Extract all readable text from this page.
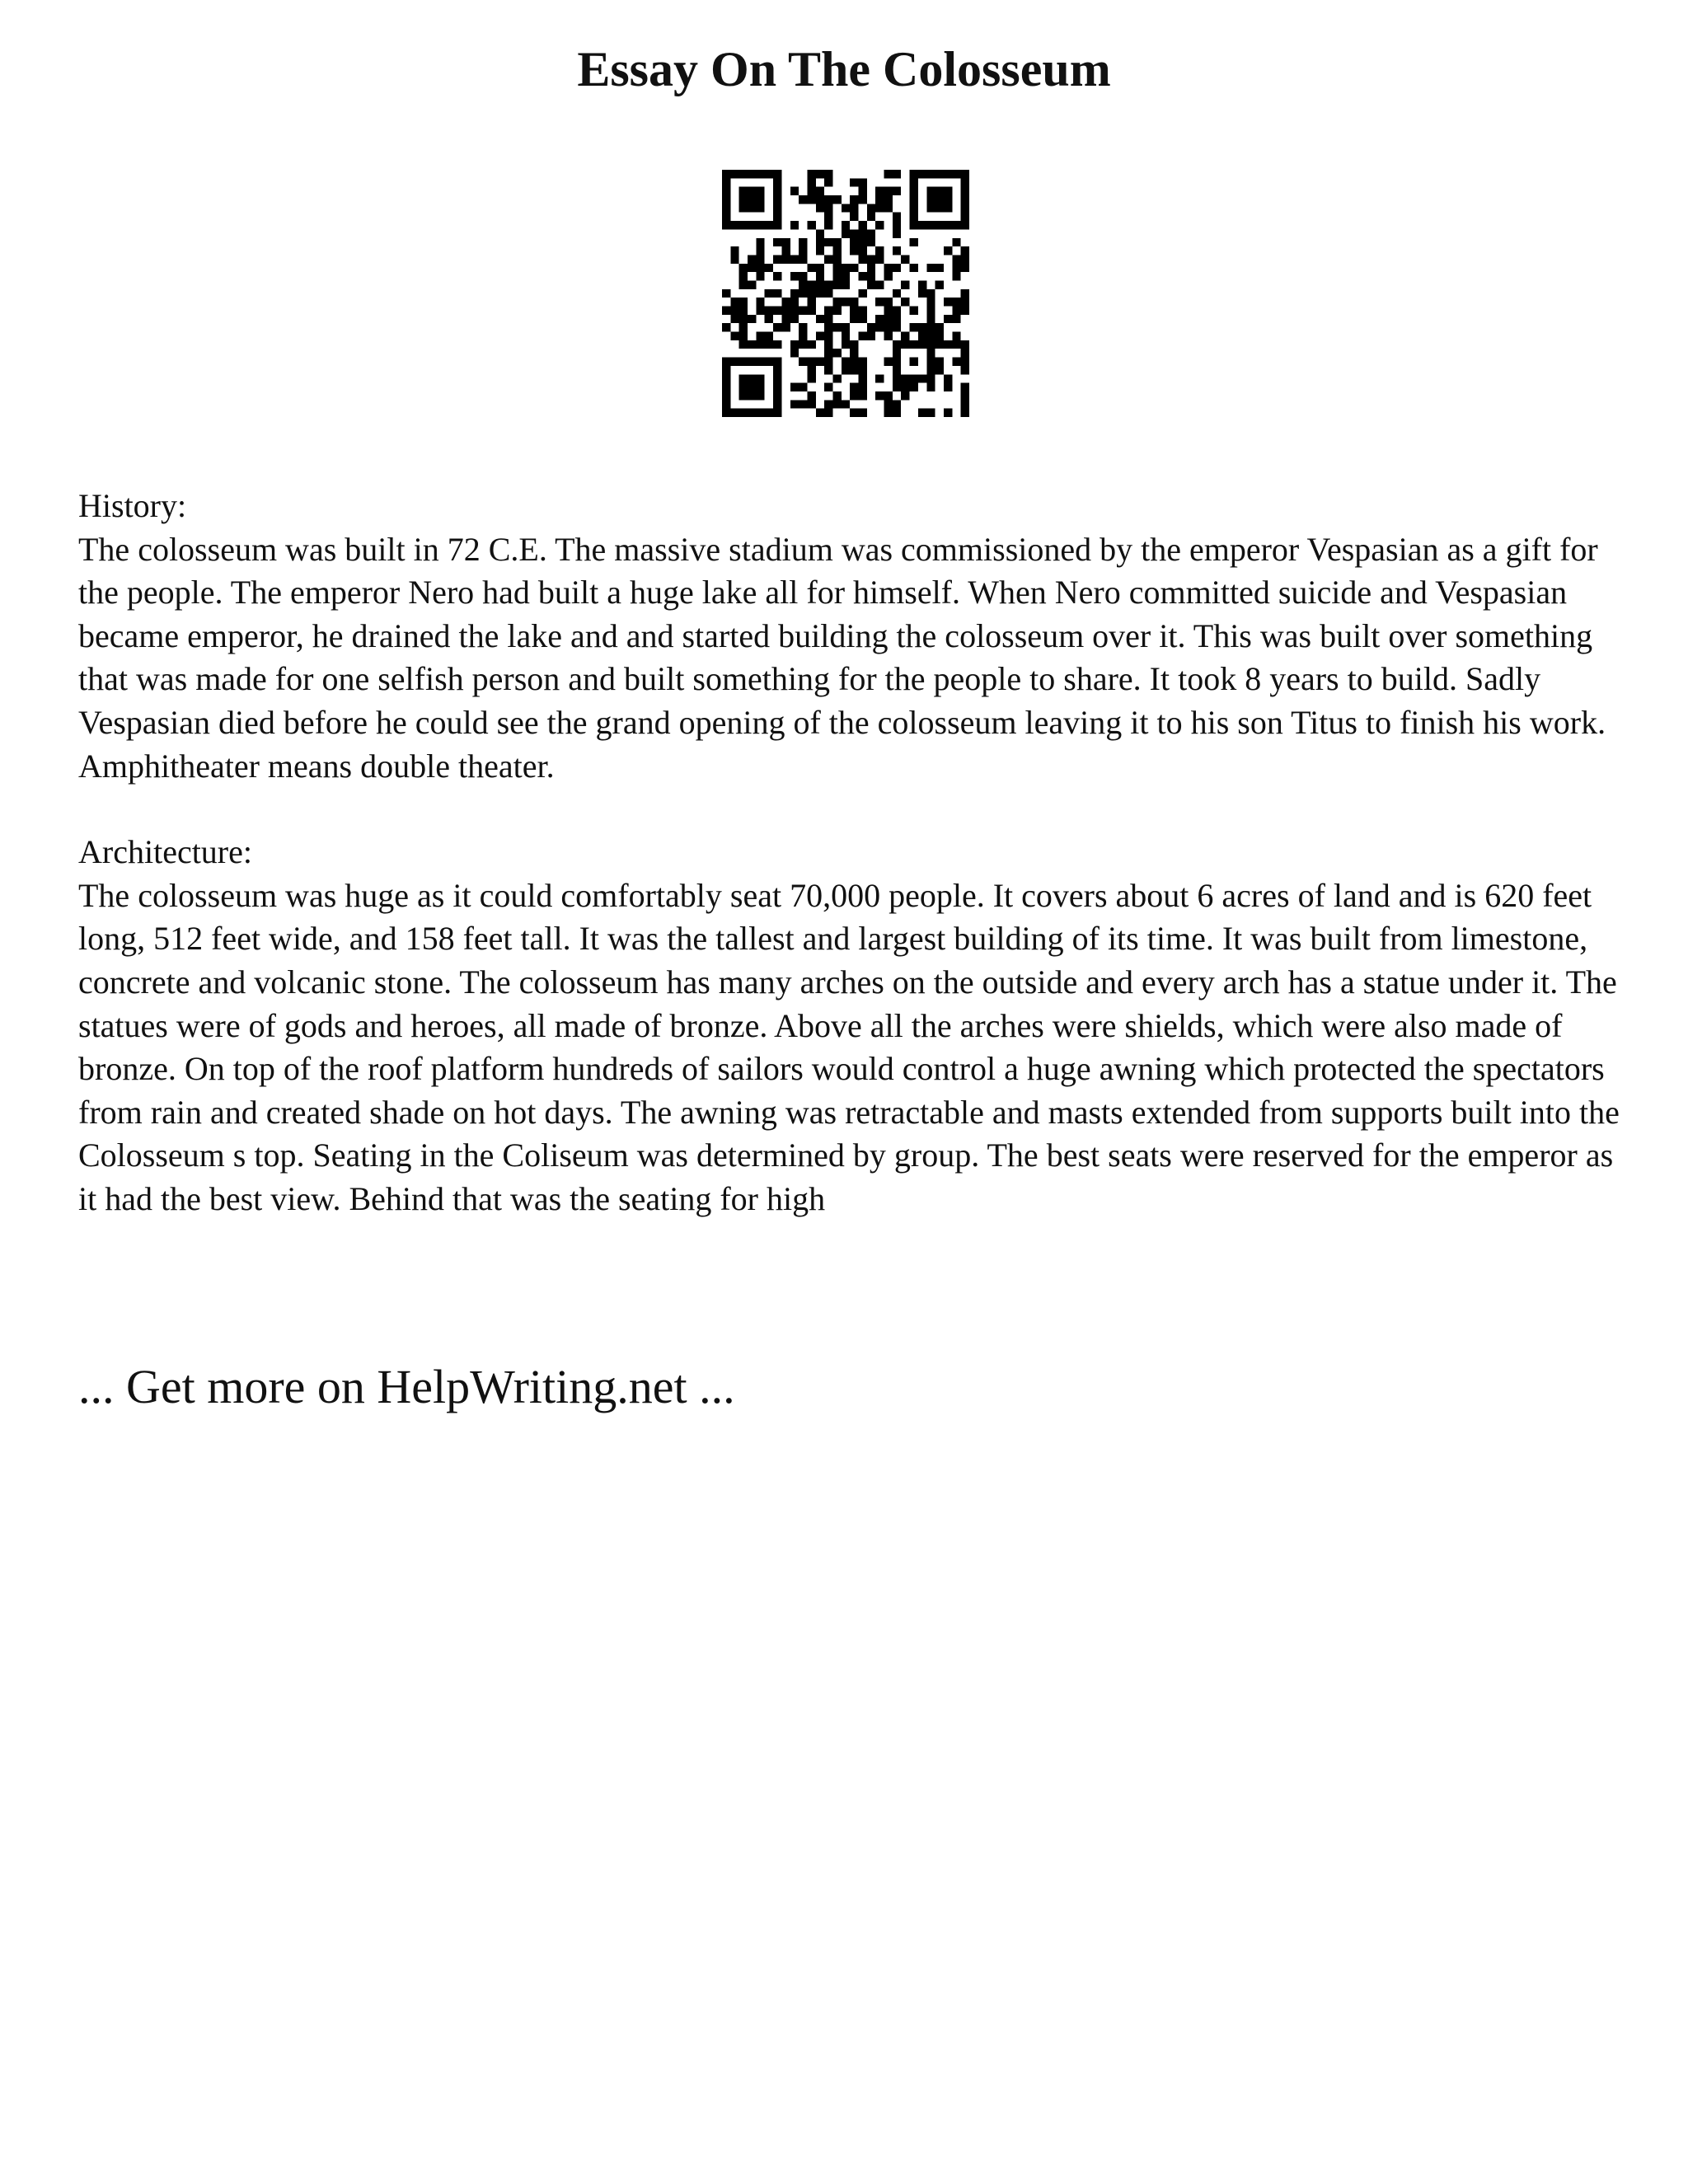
Essay On The Colosseum

History:

The colosseum was built in 72 C.E. The massive stadium was commissioned by the emperor Vespasian as a gift for the people. The emperor Nero had built a huge lake all for himself. When Nero committed suicide and Vespasian became emperor, he drained the lake and and started building the colosseum over it. This was built over something that was made for one selfish person and built something for the people to share. It took 8 years to build. Sadly Vespasian died before he could see the grand opening of the colosseum leaving it to his son Titus to finish his work. Amphitheater means double theater.

Architecture:

The colosseum was huge as it could comfortably seat 70,000 people. It covers about 6 acres of land and is 620 feet long, 512 feet wide, and 158 feet tall. It was the tallest and largest building of its time. It was built from limestone, concrete and volcanic stone. The colosseum has many arches on the outside and every arch has a statue under it. The statues were of gods and heroes, all made of bronze. Above all the arches were shields, which were also made of bronze. On top of the roof platform hundreds of sailors would control a huge awning which protected the spectators from rain and created shade on hot days. The awning was retractable and masts extended from supports built into the Colosseum s top. Seating in the Coliseum was determined by group. The best seats were reserved for the emperor as it had the best view. Behind that was the seating for high

... Get more on HelpWriting.net ...
